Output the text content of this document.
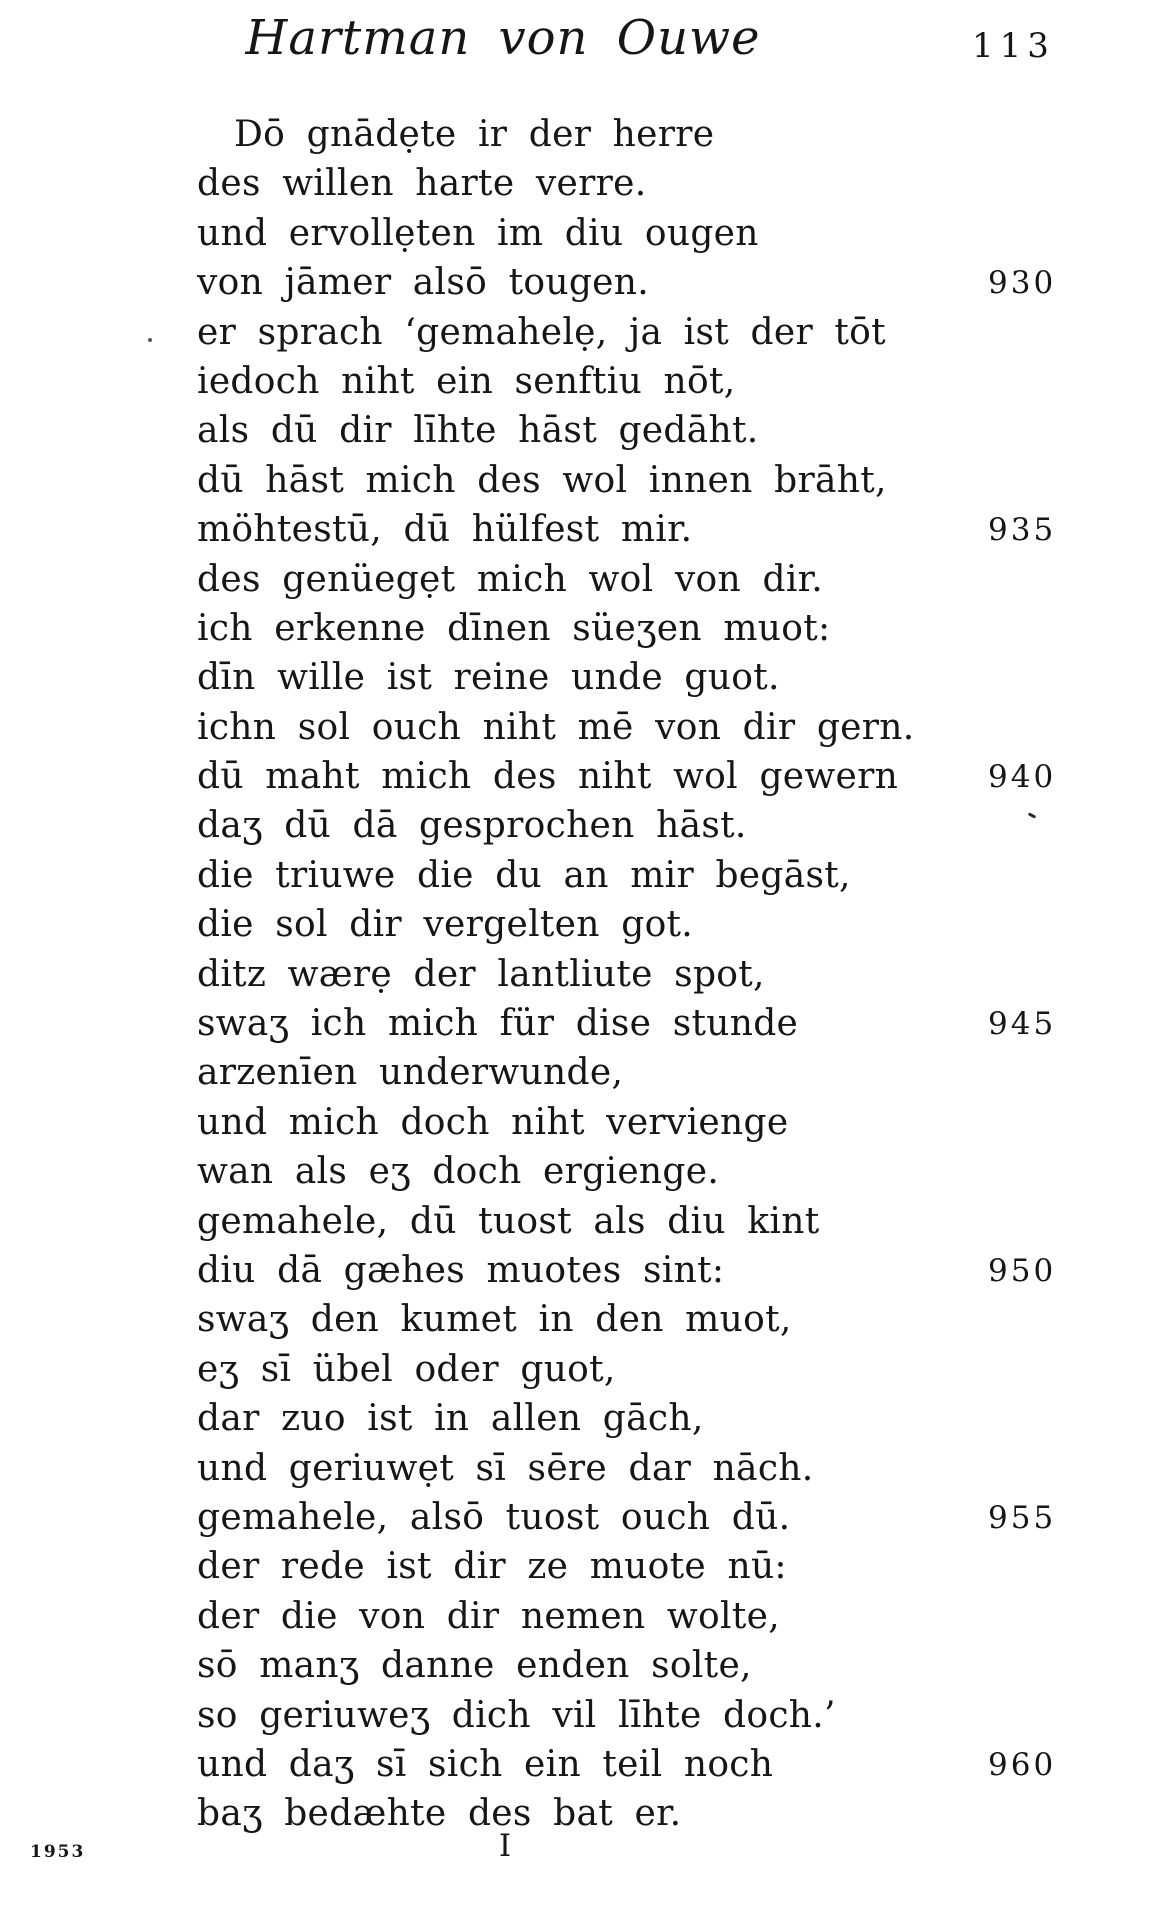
Hartman von Ouwe	113
Dō gnādẹte ir der herre
des willen harte verre.
und ervollẹten im diu ougen
von jāmer alsō tougen.	930
er sprach ‘gemahelẹ, ja ist der tōt
iedoch niht ein senftiu nōt,
als dū dir līhte hāst gedāht.
dū hāst mich des wol innen brāht,
möhtestū, dū hülfest mir.	935
des genüegẹt mich wol von dir.
ich erkenne dīnen süeʒen muot:
dīn wille ist reine unde guot.
ichn sol ouch niht mē von dir gern.
dū maht mich des niht wol gewern	940
daʒ dū dā gesprochen hāst.
die triuwe die du an mir begāst,
die sol dir vergelten got.
ditz wærẹ der lantliute spot,
swaʒ ich mich für dise stunde	945
arzenīen underwunde,
und mich doch niht vervienge
wan als eʒ doch ergienge.
gemahele, dū tuost als diu kint
diu dā gæhes muotes sint:	950
swaʒ den kumet in den muot,
eʒ sī übel oder guot,
dar zuo ist in allen gāch,
und geriuwẹt sī sēre dar nāch.
gemahele, alsō tuost ouch dū.	955
der rede ist dir ze muote nū:
der die von dir nemen wolte,
sō manʒ danne enden solte,
so geriuweʒ dich vil līhte doch.’
und daʒ sī sich ein teil noch	960
baʒ bedæhte des bat er.
1953	I
